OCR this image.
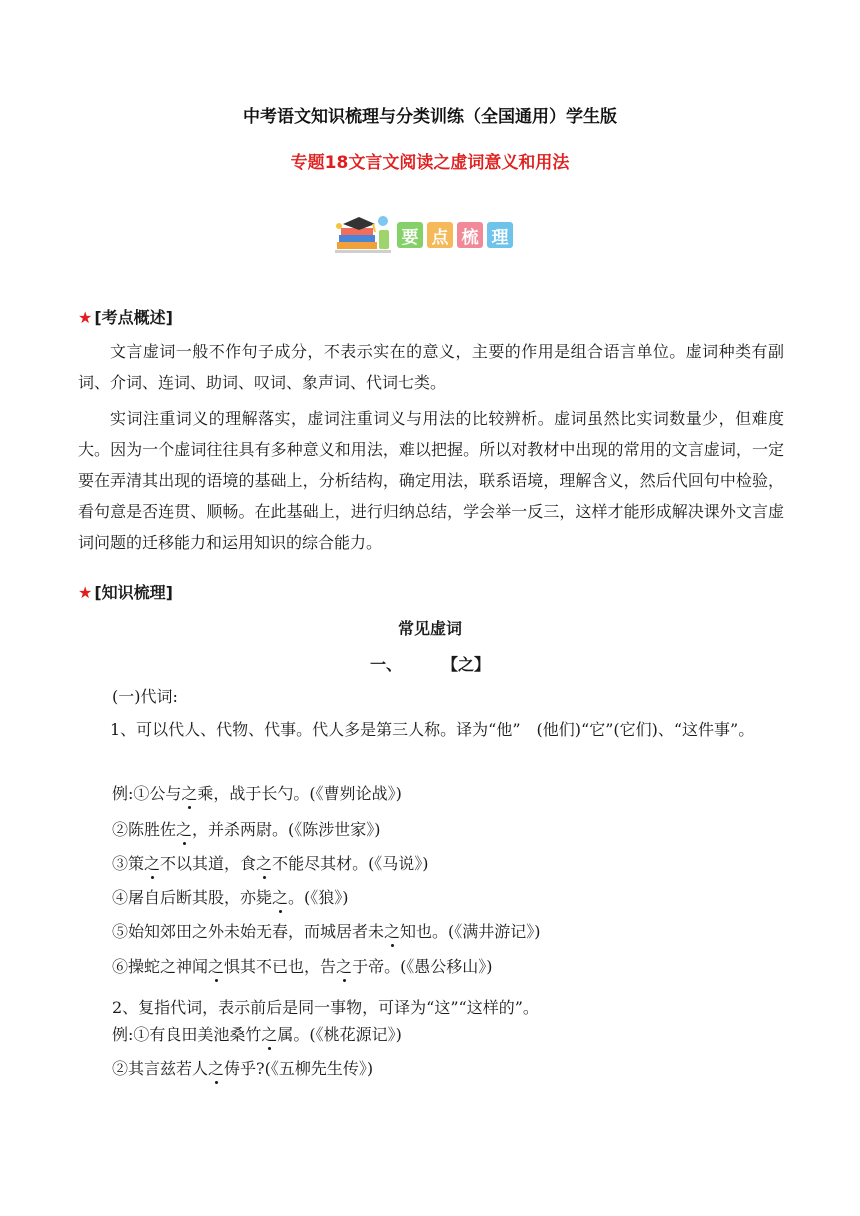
中考语文知识梳理与分类训练（全国通用）学生版
专题18文言文阅读之虚词意义和用法
要 点 梳 理
★ [考点概述]
文言虚词一般不作句子成分，不表示实在的意义，主要的作用是组合语言单位。虚词种类有副词、介词、连词、助词、叹词、象声词、代词七类。
实词注重词义的理解落实，虚词注重词义与用法的比较辨析。虚词虽然比实词数量少，但难度大。因为一个虚词往往具有多种意义和用法，难以把握。所以对教材中出现的常用的文言虚词，一定要在弄清其出现的语境的基础上，分析结构，确定用法，联系语境，理解含义，然后代回句中检验，看句意是否连贯、顺畅。在此基础上，进行归纳总结，学会举一反三，这样才能形成解决课外文言虚词问题的迁移能力和运用知识的综合能力。
★ [知识梳理]
常见虚词
一、	【之】
(一)代词:
1、可以代人、代物、代事。代人多是第三人称。译为“他”　(他们)“它”(它们)、“这件事”。
例:①公与之乘，战于长勺。(《曹刿论战》)
②陈胜佐之，并杀两尉。(《陈涉世家》)
③策之不以其道，食之不能尽其材。(《马说》)
④屠自后断其股，亦毙之。(《狼》)
⑤始知郊田之外未始无春，而城居者未之知也。(《满井游记》)
⑥操蛇之神闻之惧其不已也，告之于帝。(《愚公移山》)
2、复指代词，表示前后是同一事物，可译为“这”“这样的”。
例:①有良田美池桑竹之属。(《桃花源记》)
②其言兹若人之俦乎?(《五柳先生传》)
